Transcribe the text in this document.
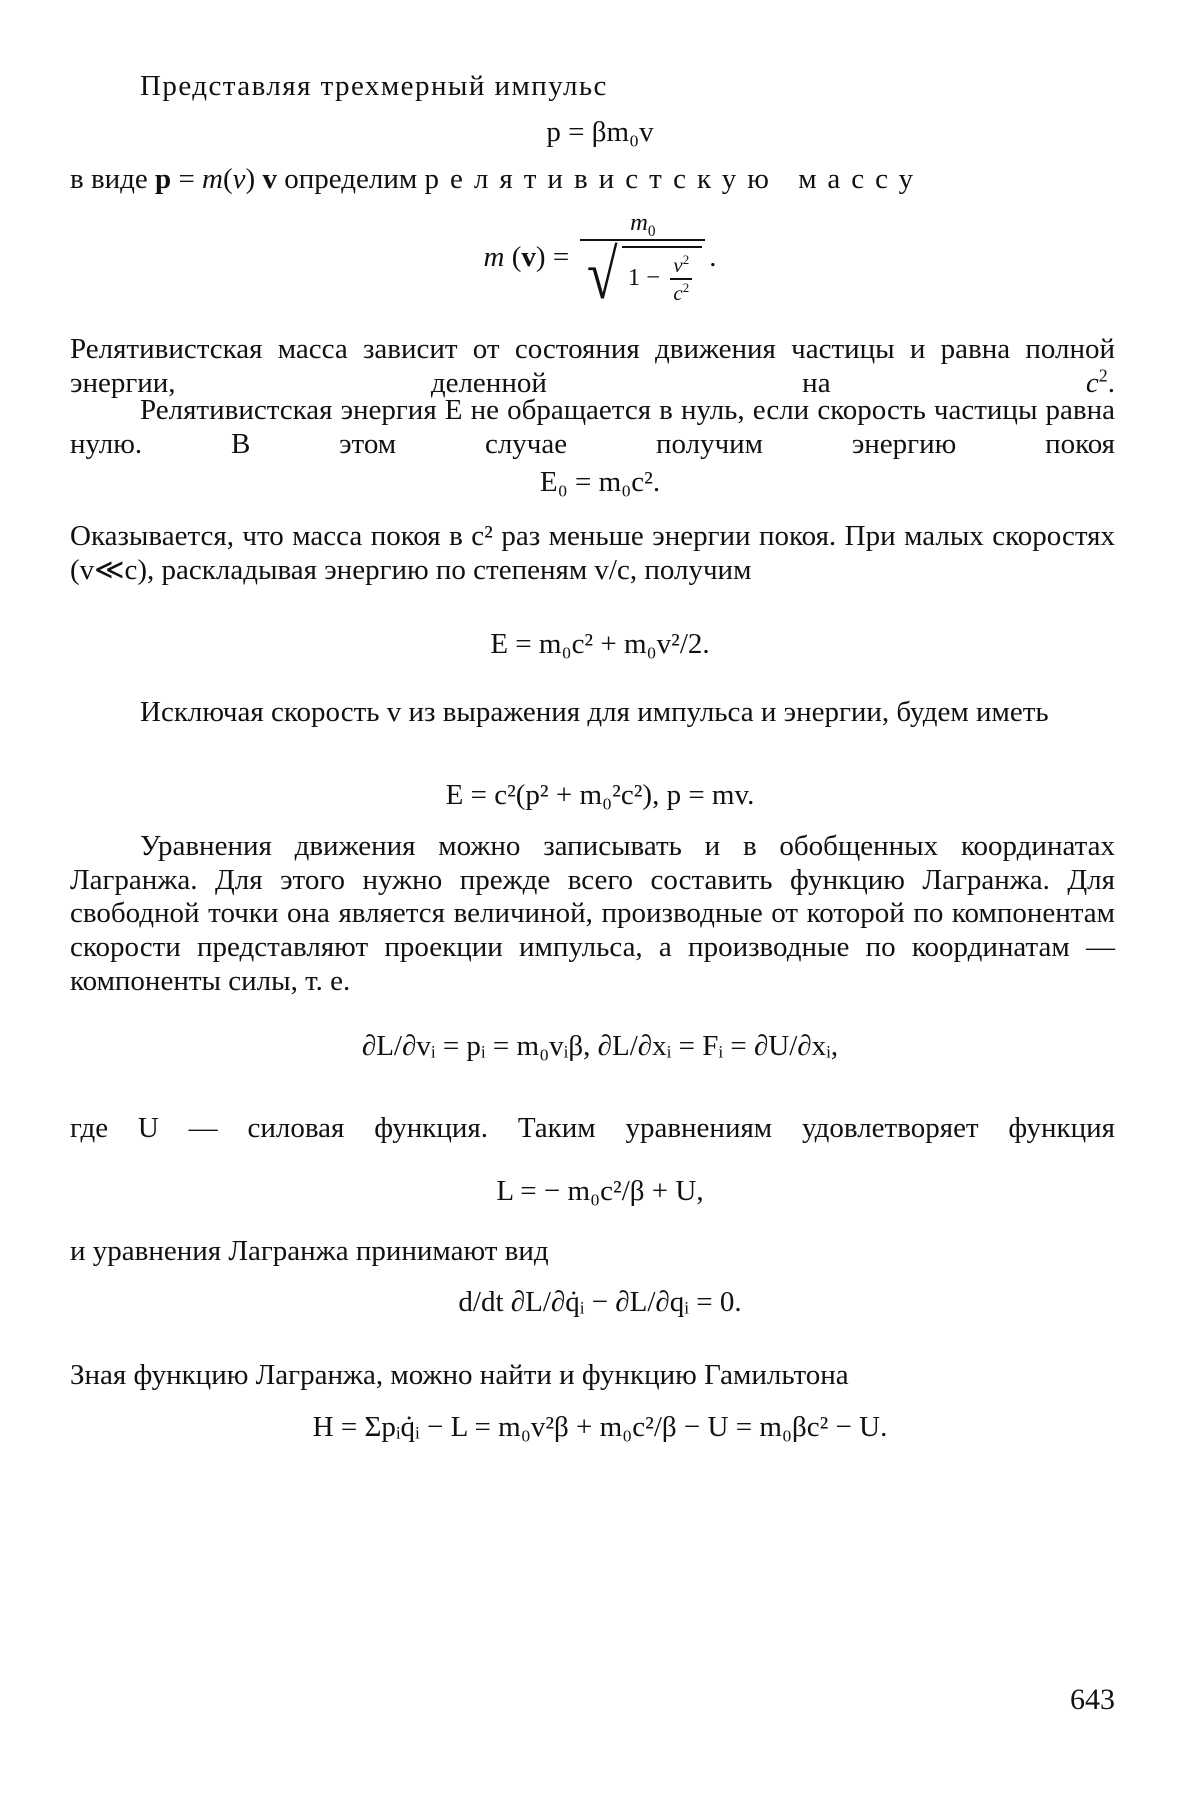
Представляя трехмерный импульс
p = βm₀v
в виде p = m(v) v определим релятивистскую массу
m $(v) = \frac{m_0}{√ 1 - \frac{v^2}{c^2}}$ .
Релятивистская масса зависит от состояния движения частицы и равна полной энергии, деленной на $c^2$.
Релятивистская энергия E не обращается в нуль, если скорость частицы равна нулю. В этом случае получим энергию покоя
E₀ = m₀c².
Оказывается, что масса покоя в c² раз меньше энергии покоя. При малых скоростях (v≪c), раскладывая энергию по степеням v/c, получим
E = m₀c² + m₀v²/2.
Исключая скорость v из выражения для импульса и энергии, будем иметь
E = c²(p² + m₀²c²), p = mv.
Уравнения движения можно записывать и в обобщенных координатах Лагранжа. Для этого нужно прежде всего составить функцию Лагранжа. Для свободной точки она является величиной, производные от которой по компонентам скорости представляют проекции импульса, а производные по координатам — компоненты силы, т. е.
∂L/∂vᵢ = pᵢ = m₀vᵢβ, ∂L/∂xᵢ = Fᵢ = ∂U/∂xᵢ,
где U — силовая функция. Таким уравнениям удовлетворяет функция
L = − m₀c²/β + U,
и уравнения Лагранжа принимают вид
d/dt ∂L/∂q̇ᵢ − ∂L/∂qᵢ = 0.
Зная функцию Лагранжа, можно найти и функцию Гамильтона
H = Σpᵢq̇ᵢ − L = m₀v²β + m₀c²/β − U = m₀βc² − U.
643
